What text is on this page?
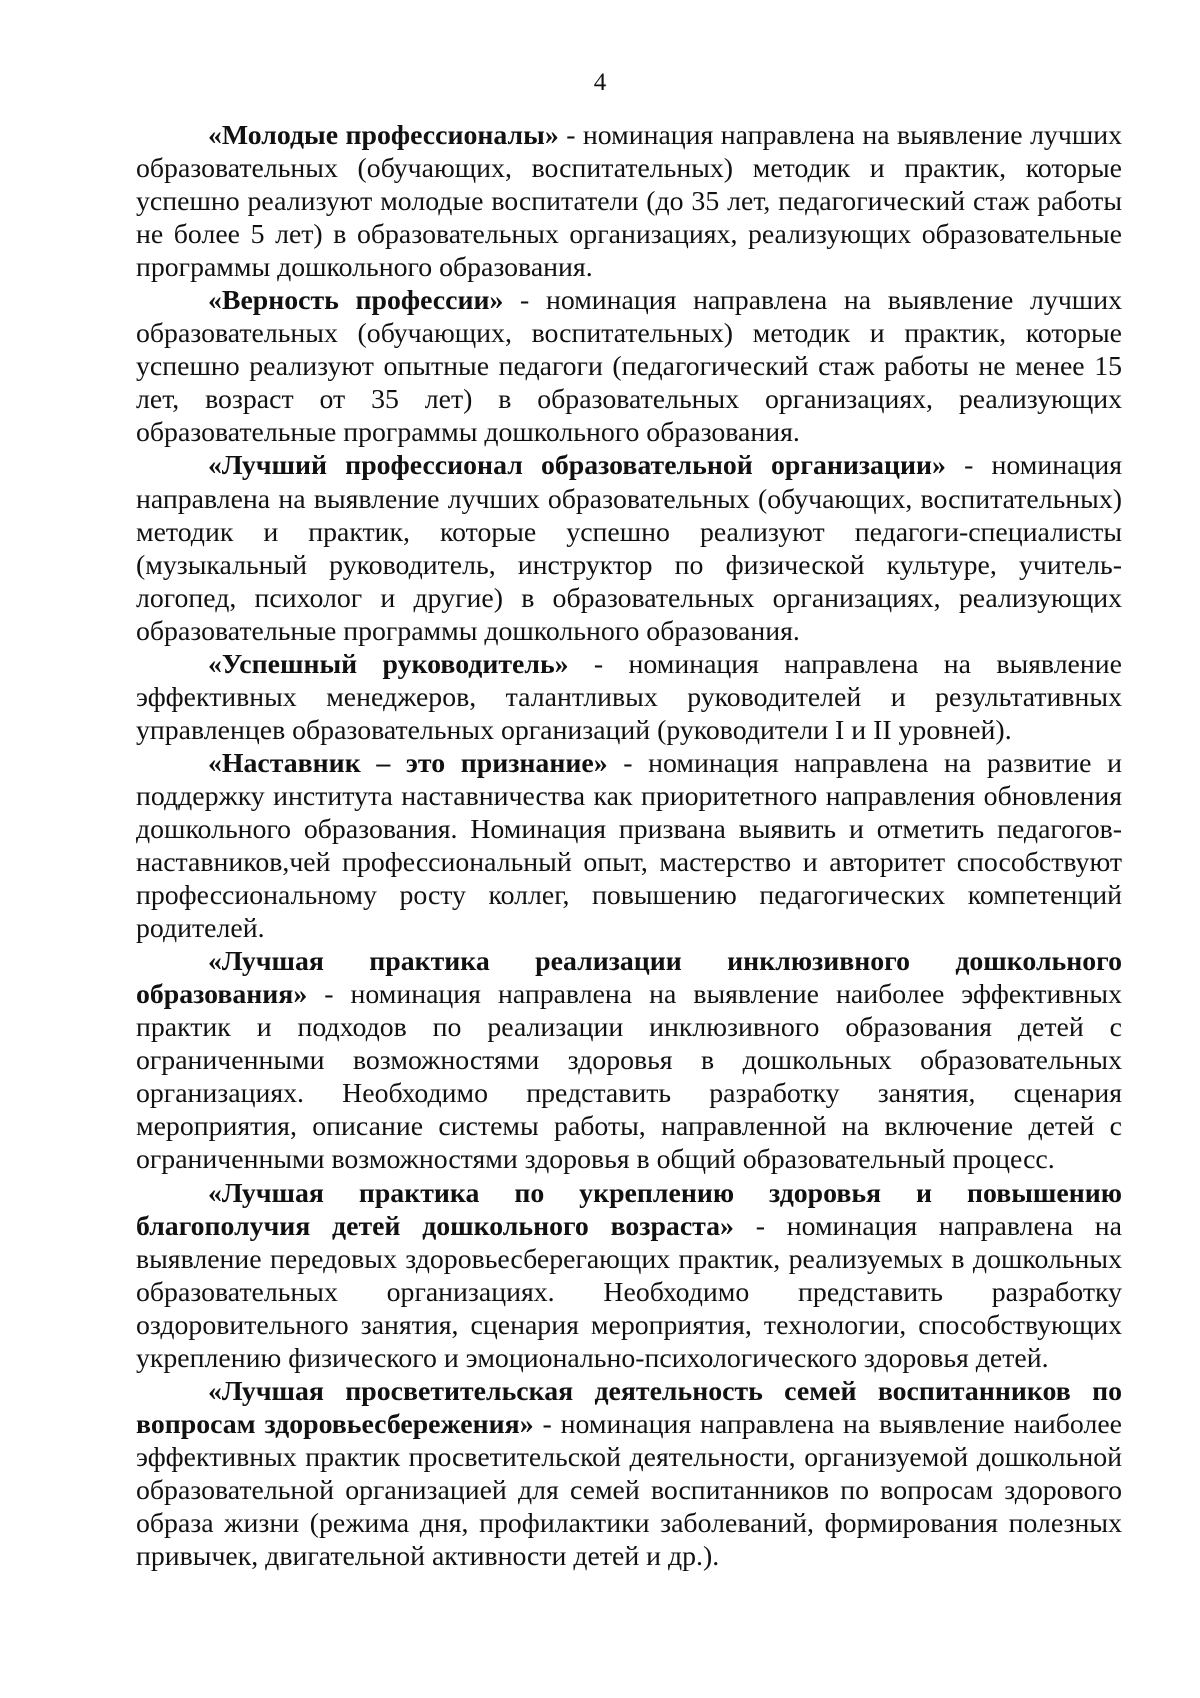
4

«Молодые профессионалы» - номинация направлена на выявление лучших образовательных (обучающих, воспитательных) методик и практик, которые успешно реализуют молодые воспитатели (до 35 лет, педагогический стаж работы не более 5 лет) в образовательных организациях, реализующих образовательные программы дошкольного образования.

«Верность профессии» - номинация направлена на выявление лучших образовательных (обучающих, воспитательных) методик и практик, которые успешно реализуют опытные педагоги (педагогический стаж работы не менее 15 лет, возраст от 35 лет) в образовательных организациях, реализующих образовательные программы дошкольного образования.

«Лучший профессионал образовательной организации» - номинация направлена на выявление лучших образовательных (обучающих, воспитательных) методик и практик, которые успешно реализуют педагоги-специалисты (музыкальный руководитель, инструктор по физической культуре, учитель-логопед, психолог и другие) в образовательных организациях, реализующих образовательные программы дошкольного образования.

«Успешный руководитель» - номинация направлена на выявление эффективных менеджеров, талантливых руководителей и результативных управленцев образовательных организаций (руководители I и II уровней).

«Наставник – это признание» - номинация направлена на развитие и поддержку института наставничества как приоритетного направления обновления дошкольного образования. Номинация призвана выявить и отметить педагогов-наставников,чей профессиональный опыт, мастерство и авторитет способствуют профессиональному росту коллег, повышению педагогических компетенций родителей.

«Лучшая практика реализации инклюзивного дошкольного образования» - номинация направлена на выявление наиболее эффективных практик и подходов по реализации инклюзивного образования детей с ограниченными возможностями здоровья в дошкольных образовательных организациях. Необходимо представить разработку занятия, сценария мероприятия, описание системы работы, направленной на включение детей с ограниченными возможностями здоровья в общий образовательный процесс.

«Лучшая практика по укреплению здоровья и повышению благополучия детей дошкольного возраста» - номинация направлена на выявление передовых здоровьесберегающих практик, реализуемых в дошкольных образовательных организациях. Необходимо представить разработку оздоровительного занятия, сценария мероприятия, технологии, способствующих укреплению физического и эмоционально-психологического здоровья детей.

«Лучшая просветительская деятельность семей воспитанников по вопросам здоровьесбережения» - номинация направлена на выявление наиболее эффективных практик просветительской деятельности, организуемой дошкольной образовательной организацией для семей воспитанников по вопросам здорового образа жизни (режима дня, профилактики заболеваний, формирования полезных привычек, двигательной активности детей и др.).
